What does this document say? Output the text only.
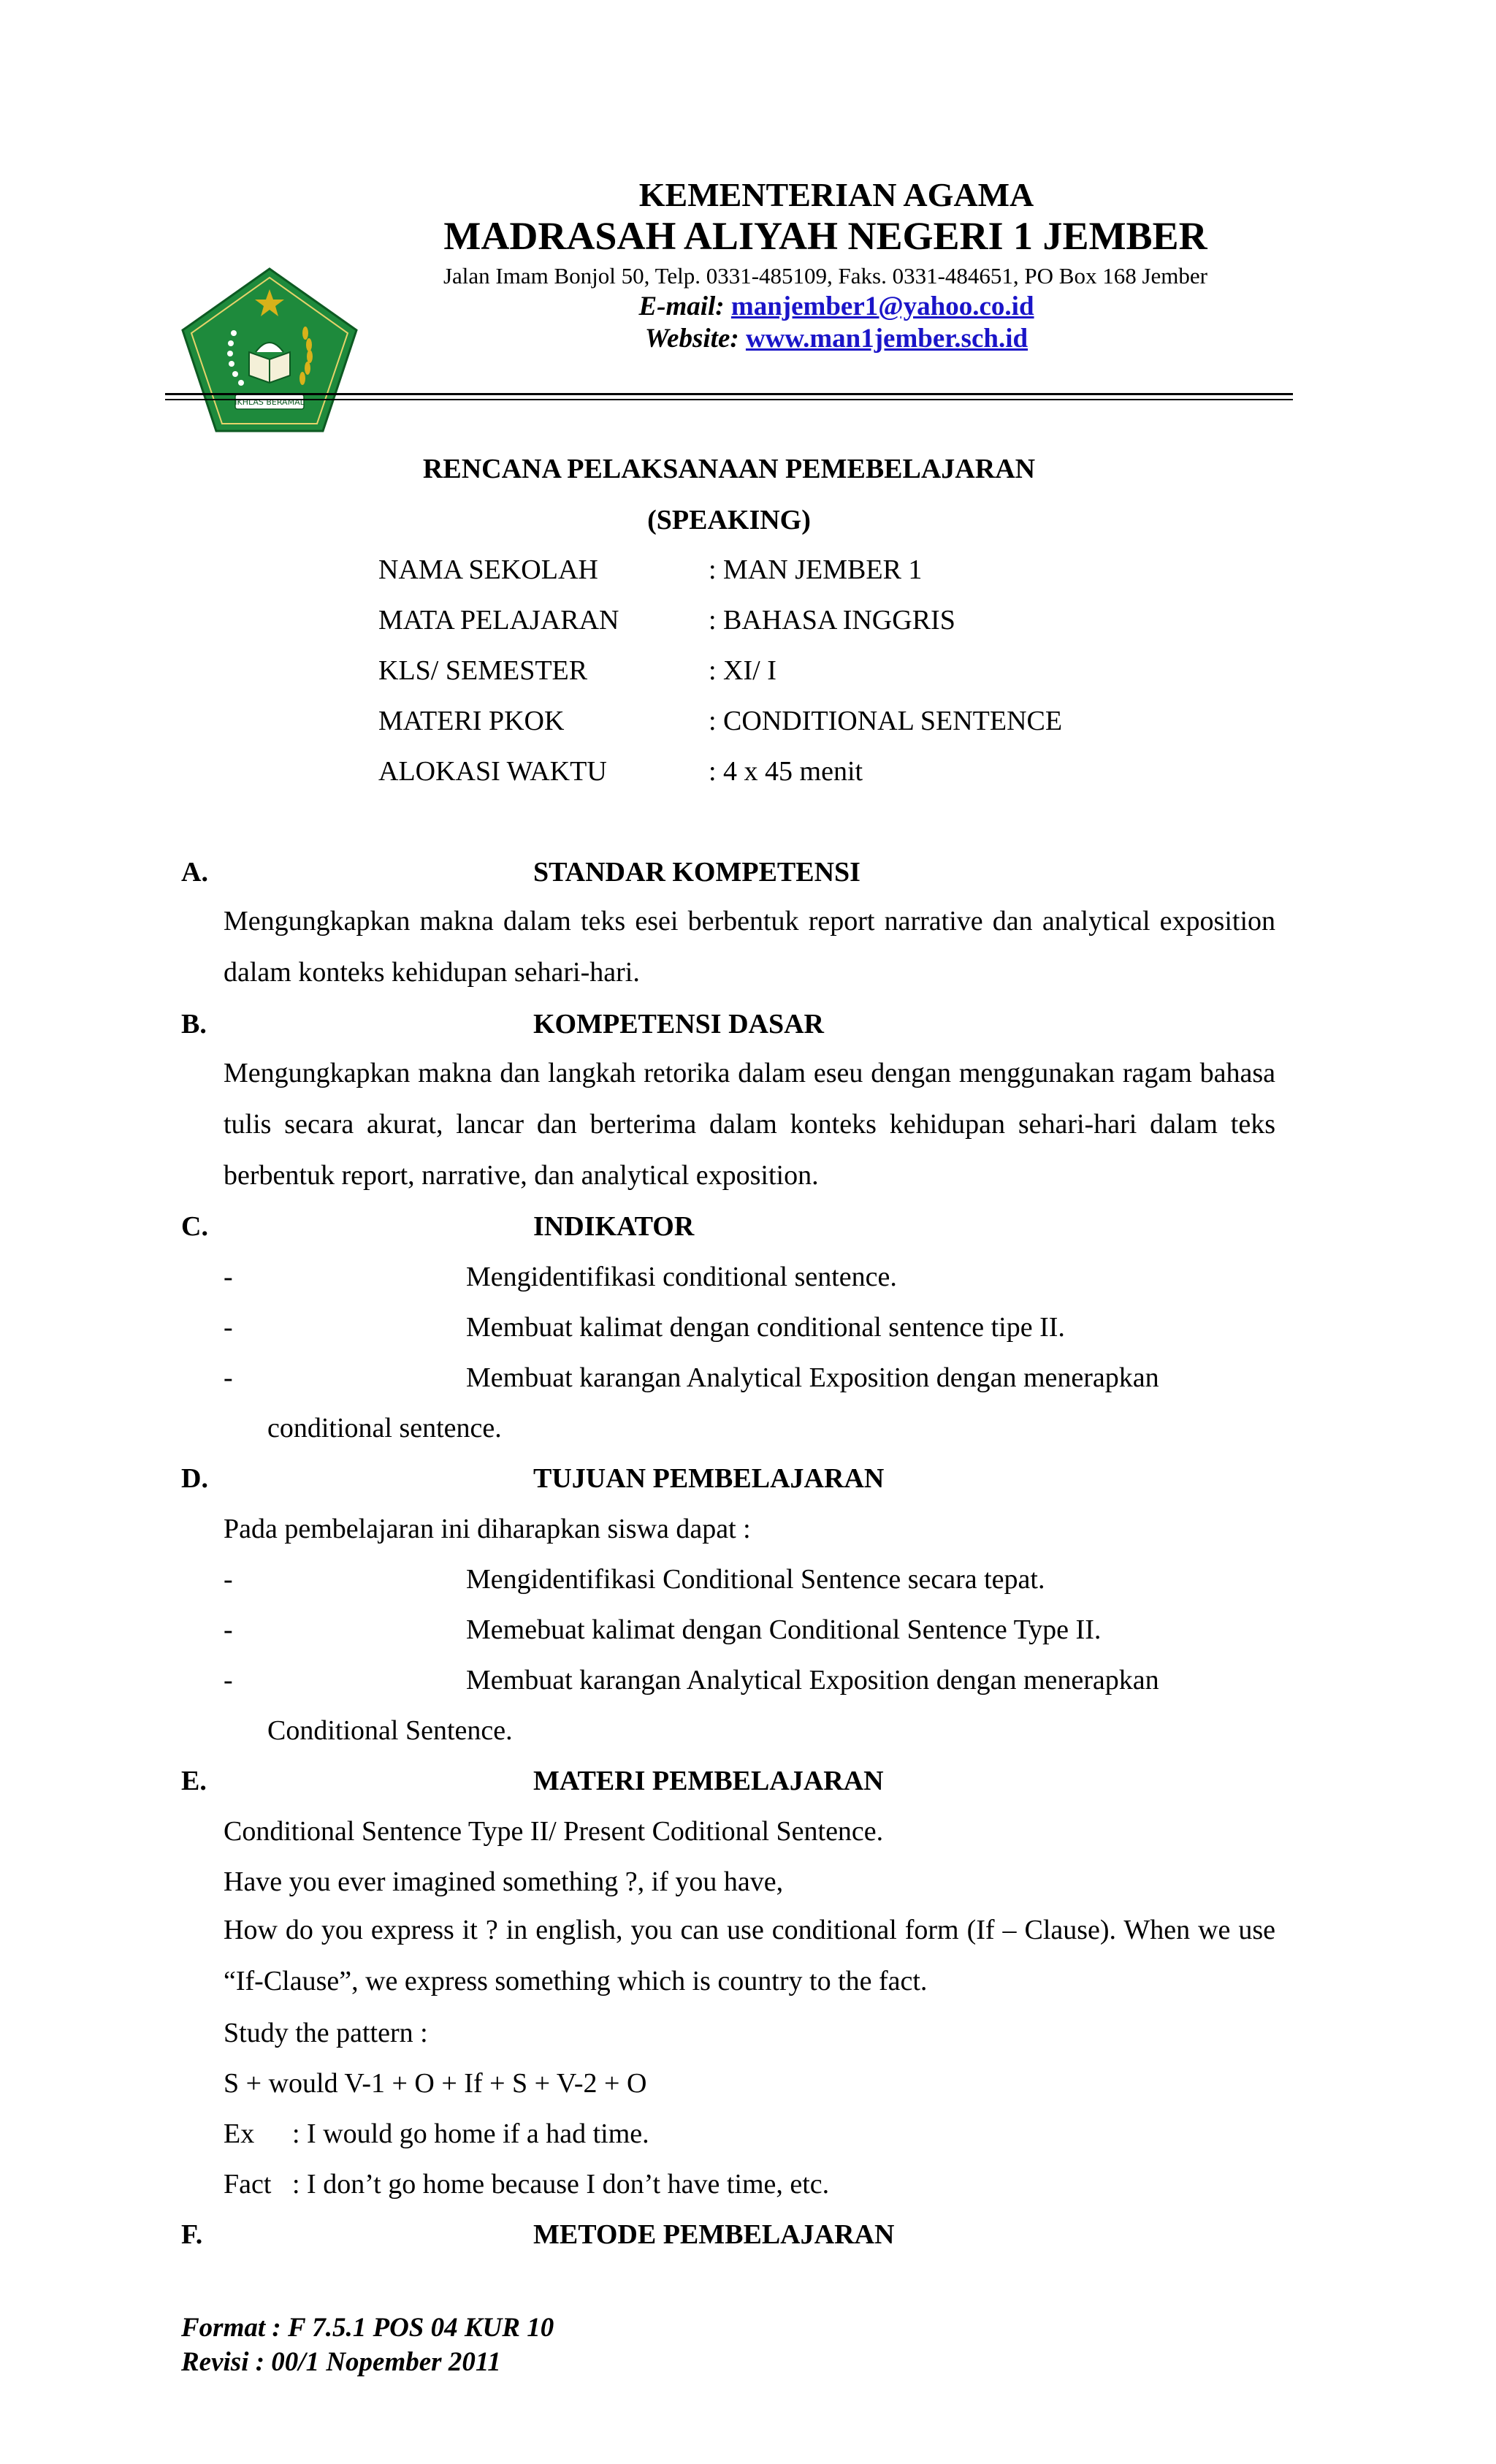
KEMENTERIAN AGAMA
MADRASAH ALIYAH NEGERI 1 JEMBER
Jalan Imam Bonjol 50, Telp. 0331-485109, Faks. 0331-484651, PO Box 168 Jember
E-mail: manjember1@yahoo.co.id
Website: www.man1jember.sch.id
IKHLAS BERAMAL
RENCANA PELAKSANAAN PEMEBELAJARAN
(SPEAKING)
NAMA SEKOLAH	: MAN JEMBER 1
MATA PELAJARAN	: BAHASA INGGRIS
KLS/ SEMESTER	: XI/ I
MATERI PKOK	: CONDITIONAL SENTENCE
ALOKASI WAKTU	: 4 x 45 menit
A.	STANDAR KOMPETENSI
Mengungkapkan makna dalam teks esei berbentuk report narrative dan analytical exposition dalam konteks kehidupan sehari-hari.
B.	KOMPETENSI DASAR
Mengungkapkan makna dan langkah retorika dalam eseu dengan menggunakan ragam bahasa tulis secara akurat, lancar dan berterima dalam konteks kehidupan sehari-hari dalam teks berbentuk report, narrative, dan analytical exposition.
C.	INDIKATOR
-	Mengidentifikasi conditional sentence.
-	Membuat kalimat dengan conditional sentence tipe II.
-	Membuat karangan Analytical Exposition dengan menerapkan
conditional sentence.
D.	TUJUAN PEMBELAJARAN
Pada pembelajaran ini diharapkan siswa dapat :
-	Mengidentifikasi Conditional Sentence secara tepat.
-	Memebuat kalimat dengan Conditional Sentence Type II.
-	Membuat karangan Analytical Exposition dengan menerapkan
Conditional Sentence.
E.	MATERI PEMBELAJARAN
Conditional Sentence Type II/ Present Coditional Sentence.
Have you ever imagined something ?, if you have,
How do you express it ? in english, you can use conditional form (If – Clause). When we use “If-Clause”, we express something which is country to the fact.
Study the pattern :
S + would V-1 + O + If + S + V-2 + O
Ex : I would go home if a had time.
Fact : I don’t go home because I don’t have time, etc.
F.	METODE PEMBELAJARAN
Format : F 7.5.1 POS 04 KUR 10
Revisi : 00/1 Nopember 2011
